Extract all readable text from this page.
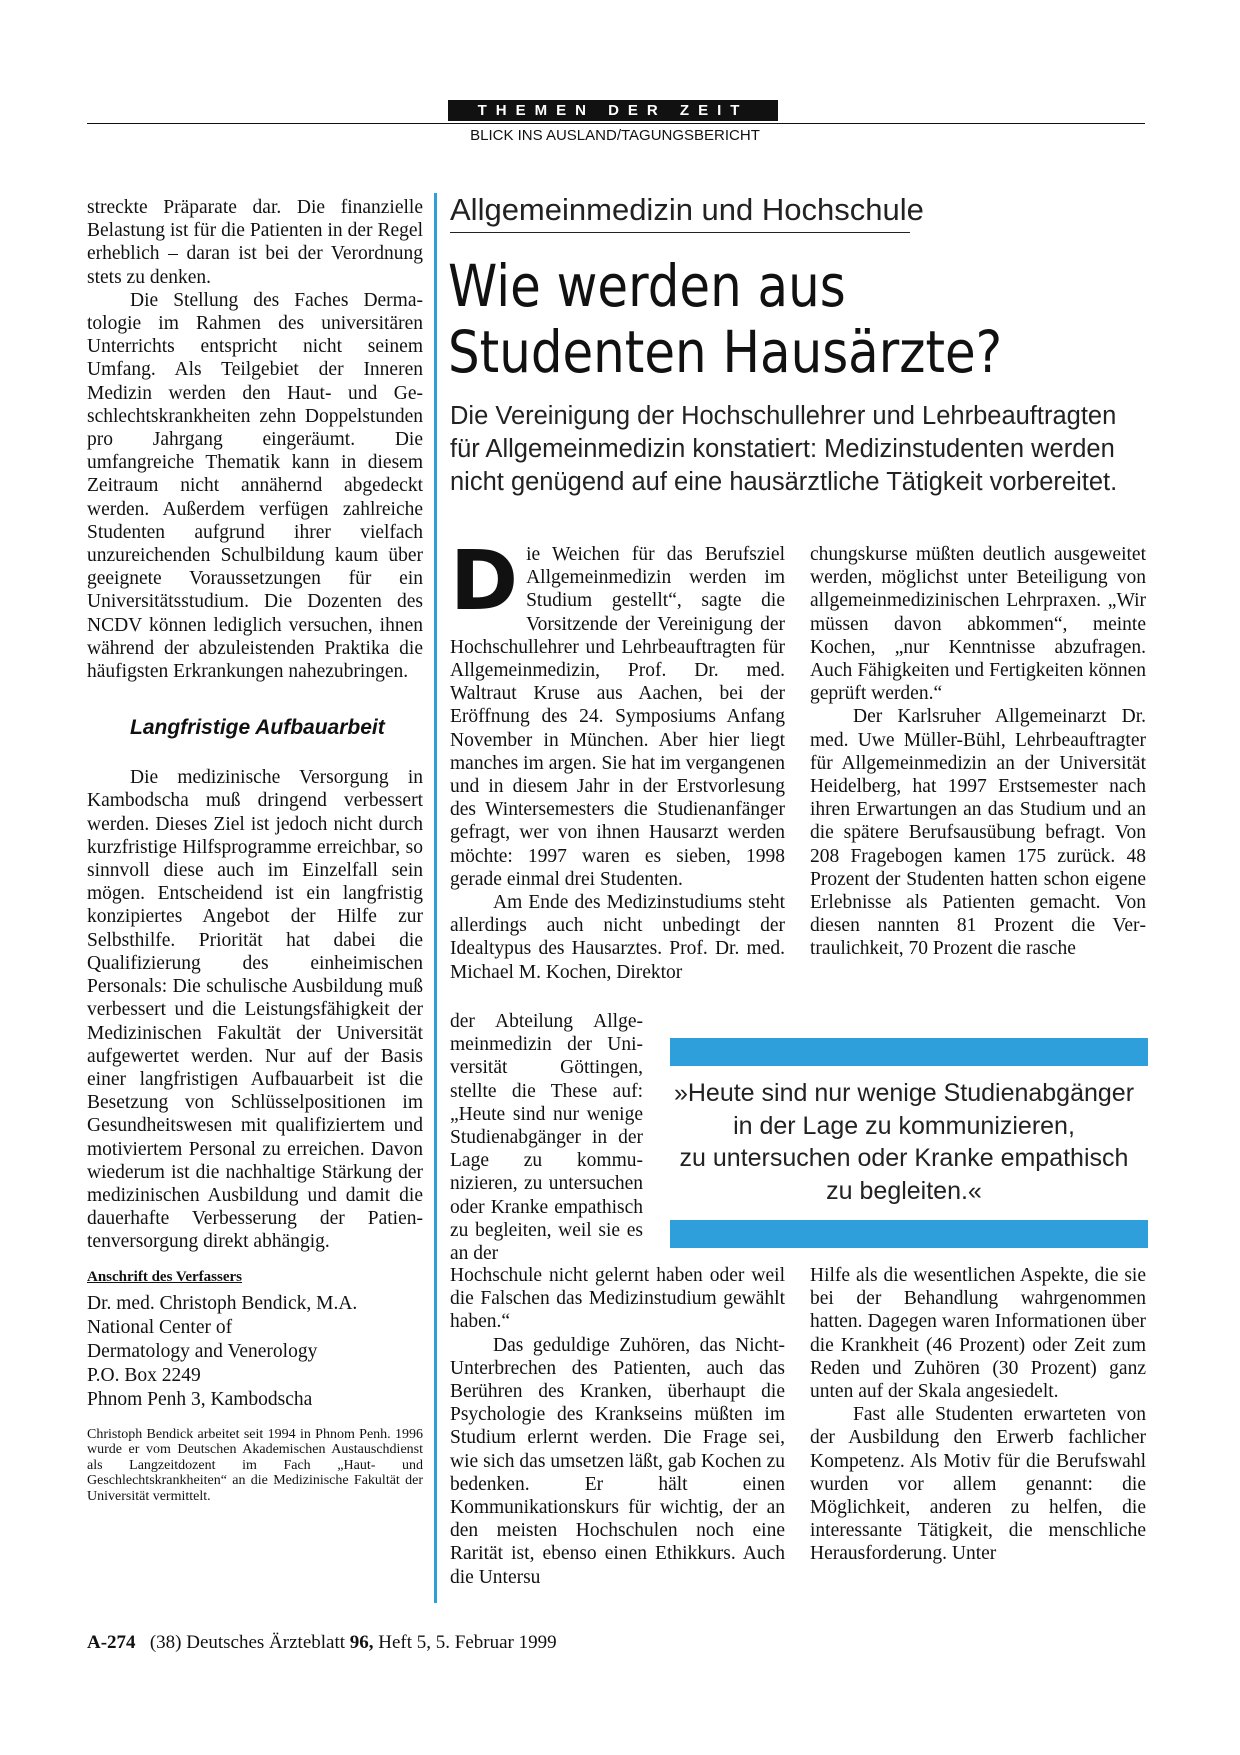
THEMEN DER ZEIT
BLICK INS AUSLAND/TAGUNGSBERICHT

streckte Präparate dar. Die finanzielle Belastung ist für die Patienten in der Regel erheblich – daran ist bei der Verordnung stets zu denken.

Die Stellung des Faches Dermatologie im Rahmen des universitären Unterrichts entspricht nicht seinem Umfang. Als Teilgebiet der Inneren Medizin werden den Haut- und Geschlechtskrankheiten zehn Doppelstunden pro Jahrgang eingeräumt. Die umfangreiche Thematik kann in diesem Zeitraum nicht annähernd abgedeckt werden. Außerdem verfügen zahlreiche Studenten aufgrund ihrer vielfach unzureichenden Schulbildung kaum über geeignete Voraussetzungen für ein Universitätsstudium. Die Dozenten des NCDV können lediglich versuchen, ihnen während der abzuleistenden Praktika die häufigsten Erkrankungen nahezubringen.

Langfristige Aufbauarbeit

Die medizinische Versorgung in Kambodscha muß dringend verbessert werden. Dieses Ziel ist jedoch nicht durch kurzfristige Hilfsprogramme erreichbar, so sinnvoll diese auch im Einzelfall sein mögen. Entscheidend ist ein langfristig konzipiertes Angebot der Hilfe zur Selbsthilfe. Priorität hat dabei die Qualifizierung des einheimischen Personals: Die schulische Ausbildung muß verbessert und die Leistungsfähigkeit der Medizinischen Fakultät der Universität aufgewertet werden. Nur auf der Basis einer langfristigen Aufbauarbeit ist die Besetzung von Schlüsselpositionen im Gesundheitswesen mit qualifiziertem und motiviertem Personal zu erreichen. Davon wiederum ist die nachhaltige Stärkung der medizinischen Ausbildung und damit die dauerhafte Verbesserung der Patientenversorgung direkt abhängig.

Anschrift des Verfassers

Dr. med. Christoph Bendick, M.A.

National Center of

Dermatology and Venerology

P.O. Box 2249

Phnom Penh 3, Kambodscha

Christoph Bendick arbeitet seit 1994 in Phnom Penh. 1996 wurde er vom Deutschen Akademischen Austauschdienst als Langzeitdozent im Fach „Haut- und Geschlechtskrankheiten“ an die Medizinische Fakultät der Universität vermittelt.

Allgemeinmedizin und Hochschule
Wie werden aus
Studenten Hausärzte?
Die Vereinigung der Hochschullehrer und Lehrbeauftragten
für Allgemeinmedizin konstatiert: Medizinstudenten werden
nicht genügend auf eine hausärztliche Tätigkeit vorbereitet.

Die Weichen für das Berufsziel Allgemeinmedizin werden im Studium gestellt“, sagte die Vorsitzende der Vereinigung der Hochschullehrer und Lehrbeauftragten für Allgemeinmedizin, Prof. Dr. med. Waltraut Kruse aus Aachen, bei der Eröffnung des 24. Symposiums Anfang November in München. Aber hier liegt manches im argen. Sie hat im vergangenen und in diesem Jahr in der Erstvorlesung des Wintersemesters die Studienanfänger gefragt, wer von ihnen Hausarzt werden möchte: 1997 waren es sieben, 1998 gerade einmal drei Studenten.

Am Ende des Medizinstudiums steht allerdings auch nicht unbedingt der Idealtypus des Hausarztes. Prof. Dr. med. Michael M. Kochen, Direktor

der Abteilung Allgemeinmedizin der Universität Göttingen, stellte die These auf: „Heute sind nur wenige Studienabgänger in der Lage zu kommunizieren, zu untersuchen oder Kranke empathisch zu begleiten, weil sie es an der

Hochschule nicht gelernt haben oder weil die Falschen das Medizinstudium gewählt haben.“

Das geduldige Zuhören, das Nicht-Unterbrechen des Patienten, auch das Berühren des Kranken, überhaupt die Psychologie des Krankseins müßten im Studium erlernt werden. Die Frage sei, wie sich das umsetzen läßt, gab Kochen zu bedenken. Er hält einen Kommunikationskurs für wichtig, der an den meisten Hochschulen noch eine Rarität ist, ebenso einen Ethikkurs. Auch die Untersu

chungskurse müßten deutlich ausgeweitet werden, möglichst unter Beteiligung von allgemeinmedizinischen Lehrpraxen. „Wir müssen davon abkommen“, meinte Kochen, „nur Kenntnisse abzufragen. Auch Fähigkeiten und Fertigkeiten können geprüft werden.“

Der Karlsruher Allgemeinarzt Dr. med. Uwe Müller-Bühl, Lehrbeauftragter für Allgemeinmedizin an der Universität Heidelberg, hat 1997 Erstsemester nach ihren Erwartungen an das Studium und an die spätere Berufsausübung befragt. Von 208 Fragebogen kamen 175 zurück. 48 Prozent der Studenten hatten schon eigene Erlebnisse als Patienten gemacht. Von diesen nannten 81 Prozent die Vertraulichkeit, 70 Prozent die rasche

»Heute sind nur wenige Studienabgänger
in der Lage zu kommunizieren,
zu untersuchen oder Kranke empathisch
zu begleiten.«

Hilfe als die wesentlichen Aspekte, die sie bei der Behandlung wahrgenommen hatten. Dagegen waren Informationen über die Krankheit (46 Prozent) oder Zeit zum Reden und Zuhören (30 Prozent) ganz unten auf der Skala angesiedelt.

Fast alle Studenten erwarteten von der Ausbildung den Erwerb fachlicher Kompetenz. Als Motiv für die Berufswahl wurden vor allem genannt: die Möglichkeit, anderen zu helfen, die interessante Tätigkeit, die menschliche Herausforderung. Unter

A-274 (38) Deutsches Ärzteblatt 96, Heft 5, 5. Februar 1999
